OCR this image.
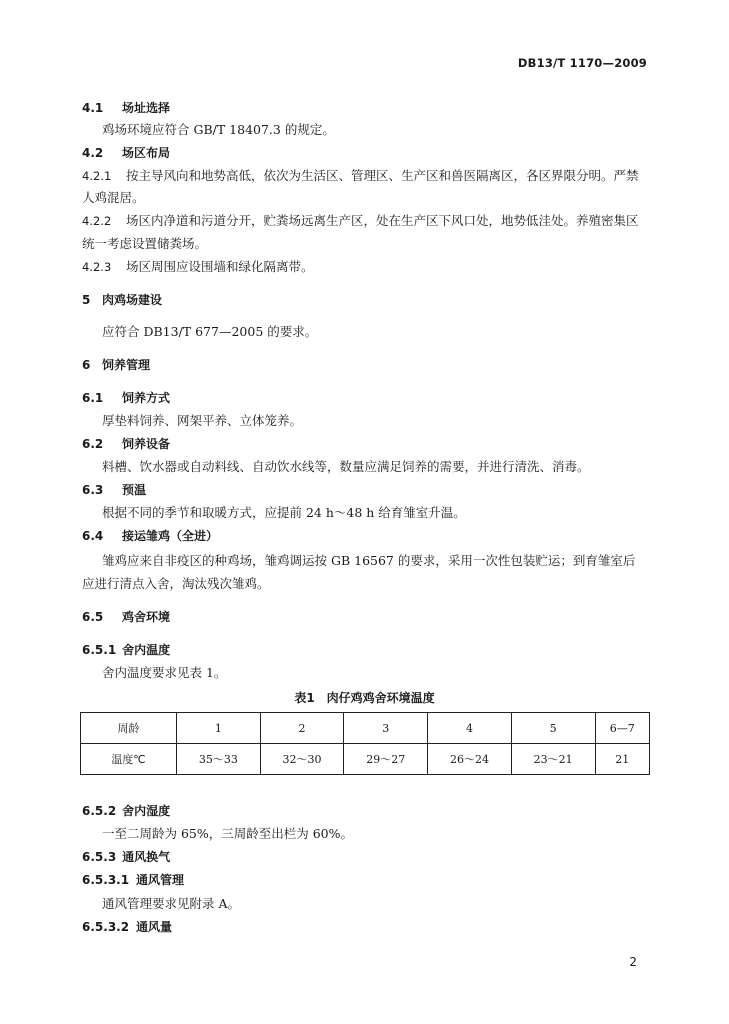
DB13/T 1170—2009
4.1 场址选择
鸡场环境应符合 GB/T 18407.3 的规定。
4.2 场区布局
4.2.1 按主导风向和地势高低，依次为生活区、管理区、生产区和兽医隔离区，各区界限分明。严禁
人鸡混居。
4.2.2 场区内净道和污道分开，贮粪场远离生产区，处在生产区下风口处，地势低洼处。养殖密集区
统一考虑设置储粪场。
4.2.3 场区周围应设围墙和绿化隔离带。
5 肉鸡场建设
应符合 DB13/T 677—2005 的要求。
6 饲养管理
6.1 饲养方式
厚垫料饲养、网架平养、立体笼养。
6.2 饲养设备
料槽、饮水器或自动料线、自动饮水线等，数量应满足饲养的需要，并进行清洗、消毒。
6.3 预温
根据不同的季节和取暖方式，应提前 24 h～48 h 给育雏室升温。
6.4 接运雏鸡（全进）
雏鸡应来自非疫区的种鸡场，雏鸡调运按 GB 16567 的要求，采用一次性包装贮运；到育雏室后
应进行清点入舍，淘汰残次雏鸡。
6.5 鸡舍环境
6.5.1 舍内温度
舍内温度要求见表 1。
表1　肉仔鸡鸡舍环境温度
周龄	1	2	3	4	5	6—7
温度℃	35～33	32～30	29～27	26～24	23～21	21
6.5.2 舍内湿度
一至二周龄为 65%，三周龄至出栏为 60%。
6.5.3 通风换气
6.5.3.1 通风管理
通风管理要求见附录 A。
6.5.3.2 通风量
2
